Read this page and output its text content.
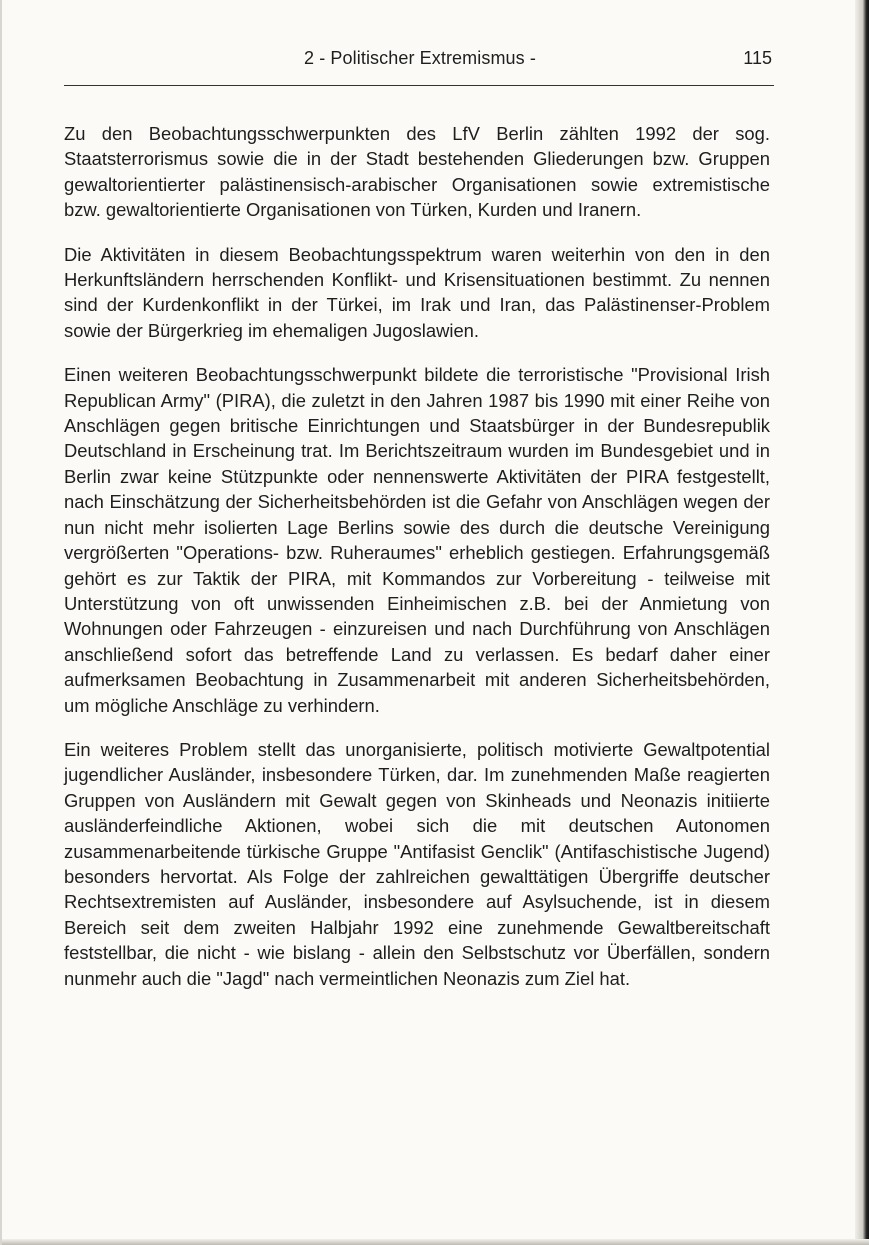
2 - Politischer Extremismus -	115

Zu den Beobachtungsschwerpunkten des LfV Berlin zählten 1992 der sog. Staatsterrorismus sowie die in der Stadt bestehenden Gliederungen bzw. Gruppen gewaltorientierter palästinensisch-arabischer Organisationen sowie extremistische bzw. gewaltorientierte Organisationen von Türken, Kurden und Iranern.

Die Aktivitäten in diesem Beobachtungsspektrum waren weiterhin von den in den Herkunftsländern herrschenden Konflikt- und Krisensituationen bestimmt. Zu nennen sind der Kurdenkonflikt in der Türkei, im Irak und Iran, das Palästinenser-Problem sowie der Bürgerkrieg im ehemaligen Jugoslawien.

Einen weiteren Beobachtungsschwerpunkt bildete die terroristische "Provisional Irish Republican Army" (PIRA), die zuletzt in den Jahren 1987 bis 1990 mit einer Reihe von Anschlägen gegen britische Einrichtungen und Staatsbürger in der Bundesrepublik Deutschland in Erscheinung trat. Im Berichtszeitraum wurden im Bundesgebiet und in Berlin zwar keine Stützpunkte oder nennenswerte Aktivitäten der PIRA festgestellt, nach Einschätzung der Sicherheitsbehörden ist die Gefahr von Anschlägen wegen der nun nicht mehr isolierten Lage Berlins sowie des durch die deutsche Vereinigung vergrößerten "Operations- bzw. Ruheraumes" erheblich gestiegen. Erfahrungsgemäß gehört es zur Taktik der PIRA, mit Kommandos zur Vorbereitung - teilweise mit Unterstützung von oft unwissenden Einheimischen z.B. bei der Anmietung von Wohnungen oder Fahrzeugen - einzureisen und nach Durchführung von Anschlägen anschließend sofort das betreffende Land zu verlassen. Es bedarf daher einer aufmerksamen Beobachtung in Zusammenarbeit mit anderen Sicherheitsbehörden, um mögliche Anschläge zu verhindern.

Ein weiteres Problem stellt das unorganisierte, politisch motivierte Gewaltpotential jugendlicher Ausländer, insbesondere Türken, dar. Im zunehmenden Maße reagierten Gruppen von Ausländern mit Gewalt gegen von Skinheads und Neonazis initiierte ausländerfeindliche Aktionen, wobei sich die mit deutschen Autonomen zusammenarbeitende türkische Gruppe "Antifasist Genclik" (Antifaschistische Jugend) besonders hervortat. Als Folge der zahlreichen gewalttätigen Übergriffe deutscher Rechtsextremisten auf Ausländer, insbesondere auf Asylsuchende, ist in diesem Bereich seit dem zweiten Halbjahr 1992 eine zunehmende Gewaltbereitschaft feststellbar, die nicht - wie bislang - allein den Selbstschutz vor Überfällen, sondern nunmehr auch die "Jagd" nach vermeintlichen Neonazis zum Ziel hat.
